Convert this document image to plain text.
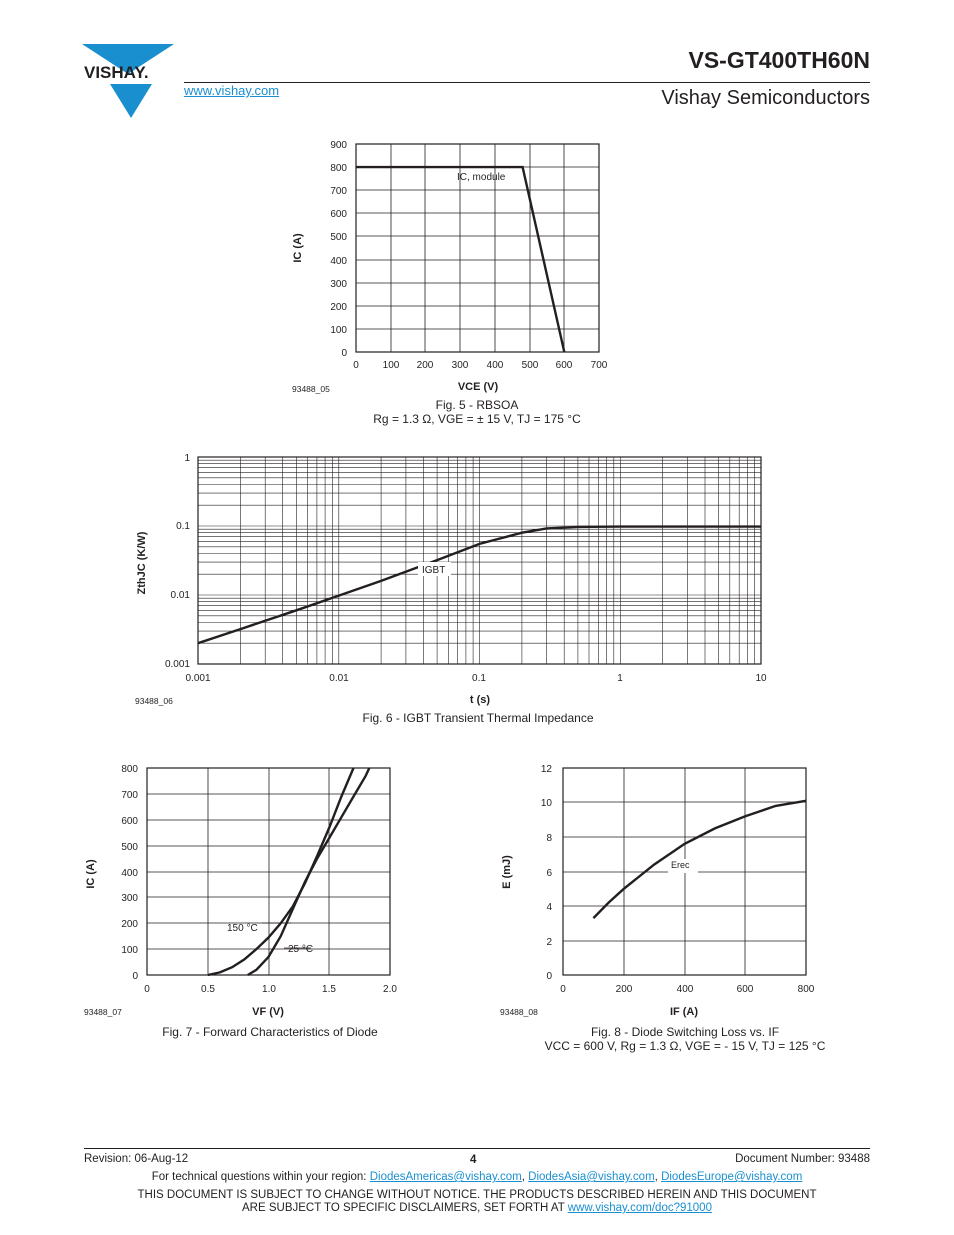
VISHAY.
www.vishay.com
VS-GT400TH60N
Vishay Semiconductors
0
100
200
300
400
500
600
700
800
900
0 100 200 300 400 500 600 700
IC, module
VCE (V)
IC (A)
93488_05
Fig. 5 - RBSOA
Rg = 1.3 Ω, VGE = ± 15 V, TJ = 175 °C
0.001
0.01
0.1
1
0.001	0.01	0.1	1	10
IGBT
t (s)
ZthJC (K/W)
93488_06
Fig. 6 - IGBT Transient Thermal Impedance
0
100
200
300
400
500
600
700
800
0	0.5	1.0	1.5	2.0
150 °C
25 °C
VF (V)
IC (A)
93488_07
Fig. 7 - Forward Characteristics of Diode
0
2
4
6
8
10
12
0	200	400	600	800
Erec
IF (A)
E (mJ)
93488_08
Fig. 8 - Diode Switching Loss vs. IF
VCC = 600 V, Rg = 1.3 Ω, VGE = - 15 V, TJ = 125 °C
Revision: 06-Aug-12	4	Document Number: 93488
For technical questions within your region: DiodesAmericas@vishay.com, DiodesAsia@vishay.com, DiodesEurope@vishay.com
THIS DOCUMENT IS SUBJECT TO CHANGE WITHOUT NOTICE. THE PRODUCTS DESCRIBED HEREIN AND THIS DOCUMENT
ARE SUBJECT TO SPECIFIC DISCLAIMERS, SET FORTH AT www.vishay.com/doc?91000
